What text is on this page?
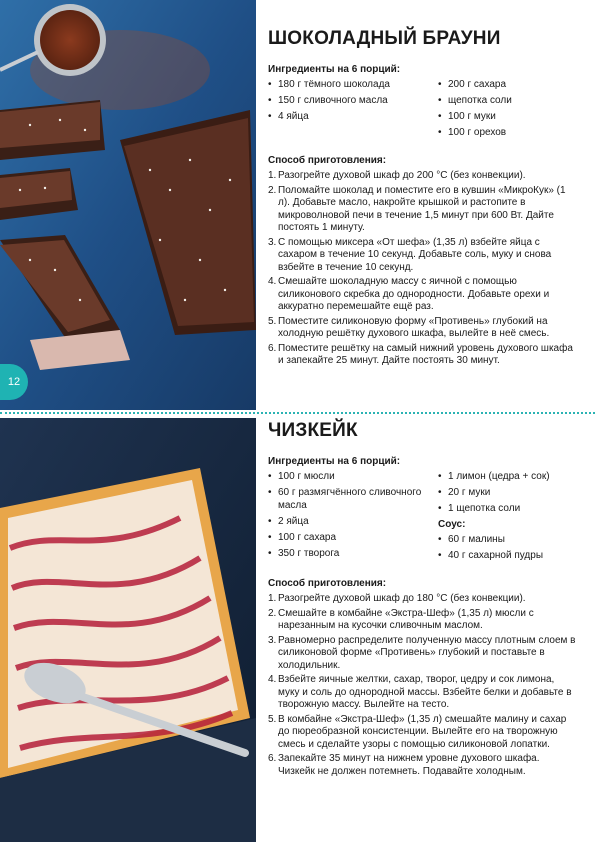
12
ШОКОЛАДНЫЙ БРАУНИ
Ингредиенты на 6 порций:
• 180 г тёмного шоколада
• 150 г сливочного масла
• 4 яйца
• 200 г сахара
• щепотка соли
• 100 г муки
• 100 г орехов
Способ приготовления:
1. Разогрейте духовой шкаф до 200 °C (без конвекции).
2. Поломайте шоколад и поместите его в кувшин «МикроКук» (1 л). Добавьте масло, накройте крышкой и растопите в микроволновой печи в течение 1,5 минут при 600 Вт. Дайте постоять 1 минуту.
3. С помощью миксера «От шефа» (1,35 л) взбейте яйца с сахаром в течение 10 секунд. Добавьте соль, муку и снова взбейте в течение 10 секунд.
4. Смешайте шоколадную массу с яичной с помощью силиконового скребка до однородности. Добавьте орехи и аккуратно перемешайте ещё раз.
5. Поместите силиконовую форму «Противень» глубокий на холодную решётку духового шкафа, вылейте в неё смесь.
6. Поместите решётку на самый нижний уровень духового шкафа и запекайте 25 минут. Дайте постоять 30 минут.
ЧИЗКЕЙК
Ингредиенты на 6 порций:
• 100 г мюсли
• 60 г размягчённого сливочного масла
• 2 яйца
• 100 г сахара
• 350 г творога
• 1 лимон (цедра + сок)
• 20 г муки
• 1 щепотка соли
Соус:
• 60 г малины
• 40 г сахарной пудры
Способ приготовления:
1. Разогрейте духовой шкаф до 180 °C (без конвекции).
2. Смешайте в комбайне «Экстра-Шеф» (1,35 л) мюсли с нарезанным на кусочки сливочным маслом.
3. Равномерно распределите полученную массу плотным слоем в силиконовой форме «Противень» глубокий и поставьте в холодильник.
4. Взбейте яичные желтки, сахар, творог, цедру и сок лимона, муку и соль до однородной массы. Взбейте белки и добавьте в творожную массу. Вылейте на тесто.
5. В комбайне «Экстра-Шеф» (1,35 л) смешайте малину и сахар до пюреобразной консистенции. Вылейте его на творожную смесь и сделайте узоры с помощью силиконовой лопатки.
6. Запекайте 35 минут на нижнем уровне духового шкафа. Чизкейк не должен потемнеть. Подавайте холодным.
